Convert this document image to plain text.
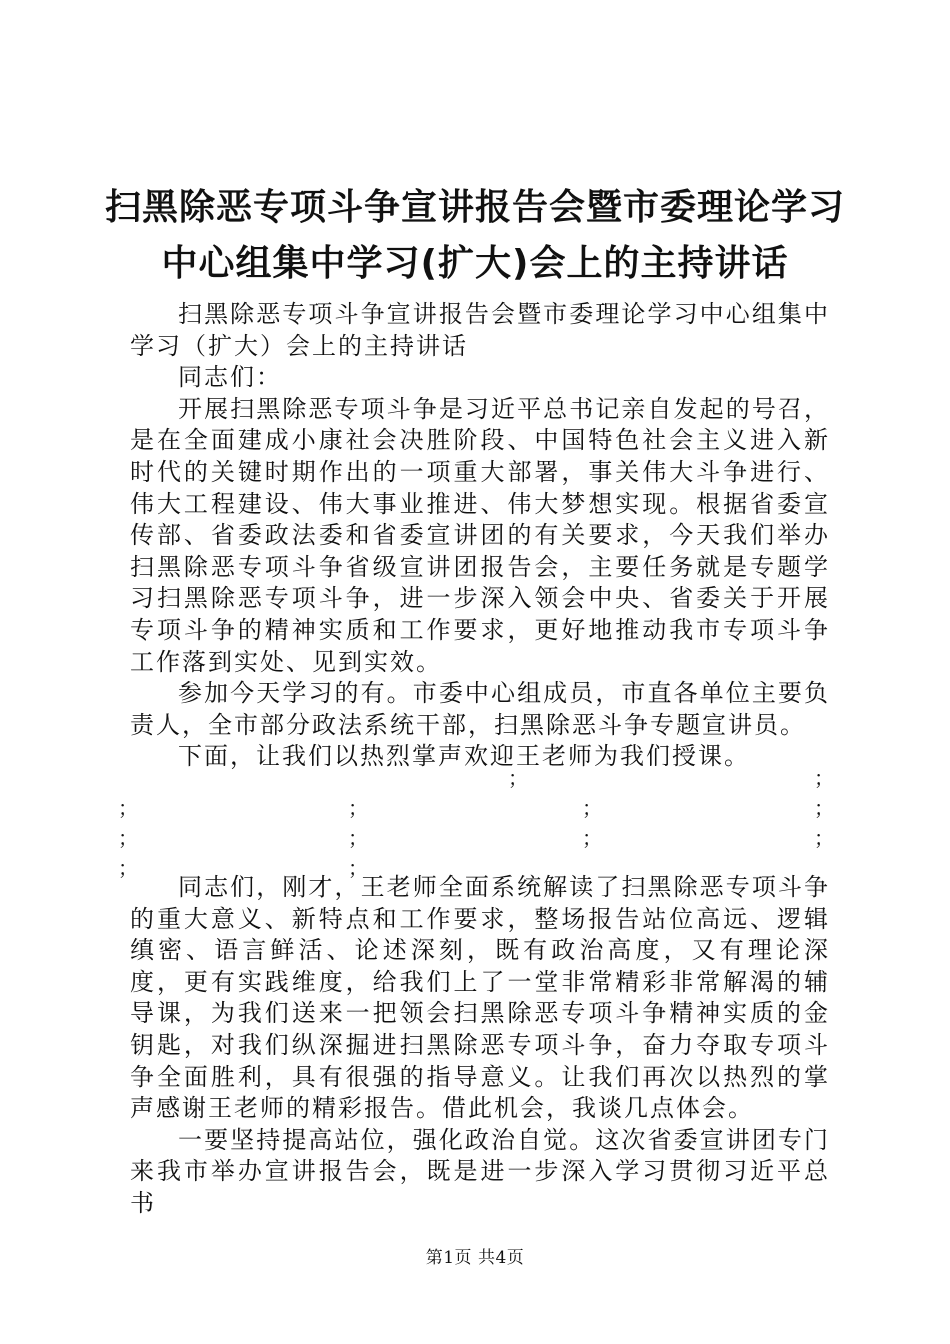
扫黑除恶专项斗争宣讲报告会暨市委理论学习
中心组集中学习(扩大)会上的主持讲话

扫黑除恶专项斗争宣讲报告会暨市委理论学习中心组集中学习（扩大）会上的主持讲话

同志们：

开展扫黑除恶专项斗争是习近平总书记亲自发起的号召，是在全面建成小康社会决胜阶段、中国特色社会主义进入新时代的关键时期作出的一项重大部署，事关伟大斗争进行、伟大工程建设、伟大事业推进、伟大梦想实现。根据省委宣传部、省委政法委和省委宣讲团的有关要求，今天我们举办扫黑除恶专项斗争省级宣讲团报告会，主要任务就是专题学习扫黑除恶专项斗争，进一步深入领会中央、省委关于开展专项斗争的精神实质和工作要求，更好地推动我市专项斗争工作落到实处、见到实效。

参加今天学习的有。市委中心组成员，市直各单位主要负责人，全市部分政法系统干部，扫黑除恶斗争专题宣讲员。

下面，让我们以热烈掌声欢迎王老师为我们授课。

；	；
；	；	；	；
；	；	；	；
；	；

同志们，刚才，王老师全面系统解读了扫黑除恶专项斗争的重大意义、新特点和工作要求，整场报告站位高远、逻辑缜密、语言鲜活、论述深刻，既有政治高度，又有理论深度，更有实践维度，给我们上了一堂非常精彩非常解渴的辅导课，为我们送来一把领会扫黑除恶专项斗争精神实质的金钥匙，对我们纵深掘进扫黑除恶专项斗争，奋力夺取专项斗争全面胜利，具有很强的指导意义。让我们再次以热烈的掌声感谢王老师的精彩报告。借此机会，我谈几点体会。

一要坚持提高站位，强化政治自觉。这次省委宣讲团专门来我市举办宣讲报告会，既是进一步深入学习贯彻习近平总书

第1页 共4页
